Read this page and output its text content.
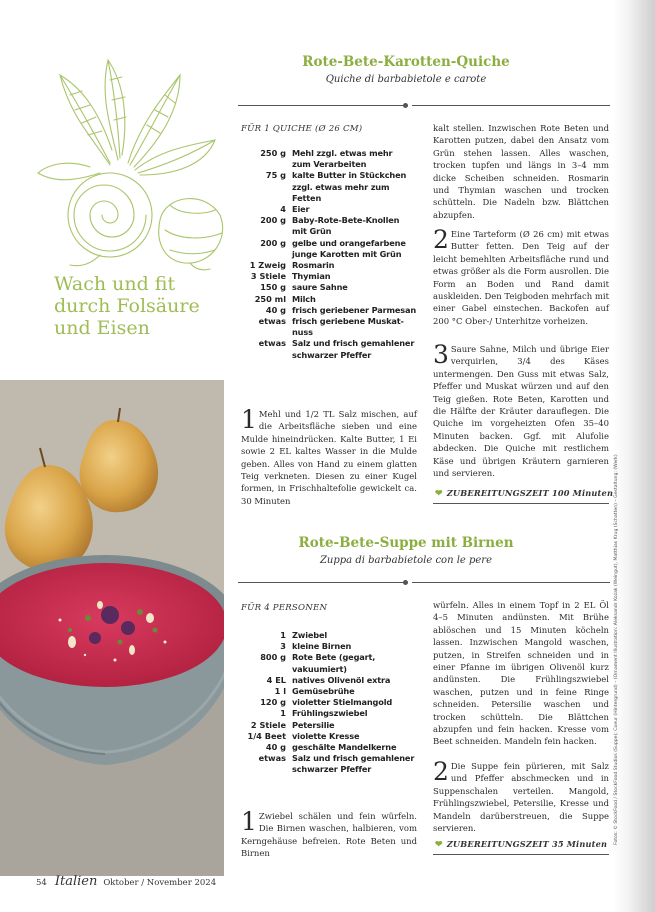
Fotos: © StockFood / StockFood Studios (Suppe); Coeur (Hintergrund) – (Ornament Illustration: Aleksandr Kozak (Weingut), Matthias Krug (Schatten) – Gestaltung: (Werk)
Wach und fit
durch Folsäure
und Eisen
Rote-Bete-Karotten-Quiche
Quiche di barbabietole e carote
FÜR 1 QUICHE (Ø 26 CM)
250 g Mehl zzgl. etwas mehr
zum Verarbeiten
75 g kalte Butter in Stückchen
zzgl. etwas mehr zum
Fetten
4 Eier
200 g Baby-Rote-Bete-Knollen
mit Grün
200 g gelbe und orangefarbene
junge Karotten mit Grün
1 Zweig Rosmarin
3 Stiele Thymian
150 g saure Sahne
250 ml Milch
40 g frisch geriebener Parmesan
etwas frisch geriebene Muskat-
nuss
etwas Salz und frisch gemahlener
schwarzer Pfeffer
1 Mehl und 1/2 TL Salz mischen, auf die Arbeitsfläche sieben und eine Mulde hineindrücken. Kalte Butter, 1 Ei sowie 2 EL kaltes Wasser in die Mulde geben. Alles von Hand zu einem glatten Teig verkneten. Diesen zu einer Kugel formen, in Frischhaltefolie gewickelt ca. 30 Minuten
kalt stellen. Inzwischen Rote Beten und Karotten putzen, dabei den Ansatz vom Grün stehen lassen. Alles waschen, trocken tupfen und längs in 3–4 mm dicke Scheiben schneiden. Rosmarin und Thymian waschen und trocken schütteln. Die Nadeln bzw. Blättchen abzupfen.
2 Eine Tarteform (Ø 26 cm) mit etwas Butter fetten. Den Teig auf der leicht bemehlten Arbeitsfläche rund und etwas größer als die Form ausrollen. Die Form an Boden und Rand damit auskleiden. Den Teigboden mehrfach mit einer Gabel einstechen. Backofen auf 200 °C Ober-/ Unterhitze vorheizen.
3 Saure Sahne, Milch und übrige Eier verquirlen, 3/4 des Käses untermengen. Den Guss mit etwas Salz, Pfeffer und Muskat würzen und auf den Teig gießen. Rote Beten, Karotten und die Hälfte der Kräuter darauflegen. Die Quiche im vorgeheizten Ofen 35–40 Minuten backen. Ggf. mit Alufolie abdecken. Die Quiche mit restlichem Käse und übrigen Kräutern garnieren und servieren.
❤ ZUBEREITUNGSZEIT 100 Minuten
Rote-Bete-Suppe mit Birnen
Zuppa di barbabietole con le pere
FÜR 4 PERSONEN
1 Zwiebel
3 kleine Birnen
800 g Rote Bete (gegart,
vakuumiert)
4 EL natives Olivenöl extra
1 l Gemüsebrühe
120 g violetter Stielmangold
1 Frühlingszwiebel
2 Stiele Petersilie
1/4 Beet violette Kresse
40 g geschälte Mandelkerne
etwas Salz und frisch gemahlener
schwarzer Pfeffer
1 Zwiebel schälen und fein würfeln. Die Birnen waschen, halbieren, vom Kerngehäuse befreien. Rote Beten und Birnen
würfeln. Alles in einem Topf in 2 EL Öl 4–5 Minuten andünsten. Mit Brühe ablöschen und 15 Minuten köcheln lassen. Inzwischen Mangold waschen, putzen, in Streifen schneiden und in einer Pfanne im übrigen Olivenöl kurz andünsten. Die Frühlingszwiebel waschen, putzen und in feine Ringe schneiden. Petersilie waschen und trocken schütteln. Die Blättchen abzupfen und fein hacken. Kresse vom Beet schneiden. Mandeln fein hacken.
2 Die Suppe fein pürieren, mit Salz und Pfeffer abschmecken und in Suppenschalen verteilen. Mangold, Frühlingszwiebel, Petersilie, Kresse und Mandeln darüberstreuen, die Suppe servieren.
❤ ZUBEREITUNGSZEIT 35 Minuten
54 Italien Oktober / November 2024
